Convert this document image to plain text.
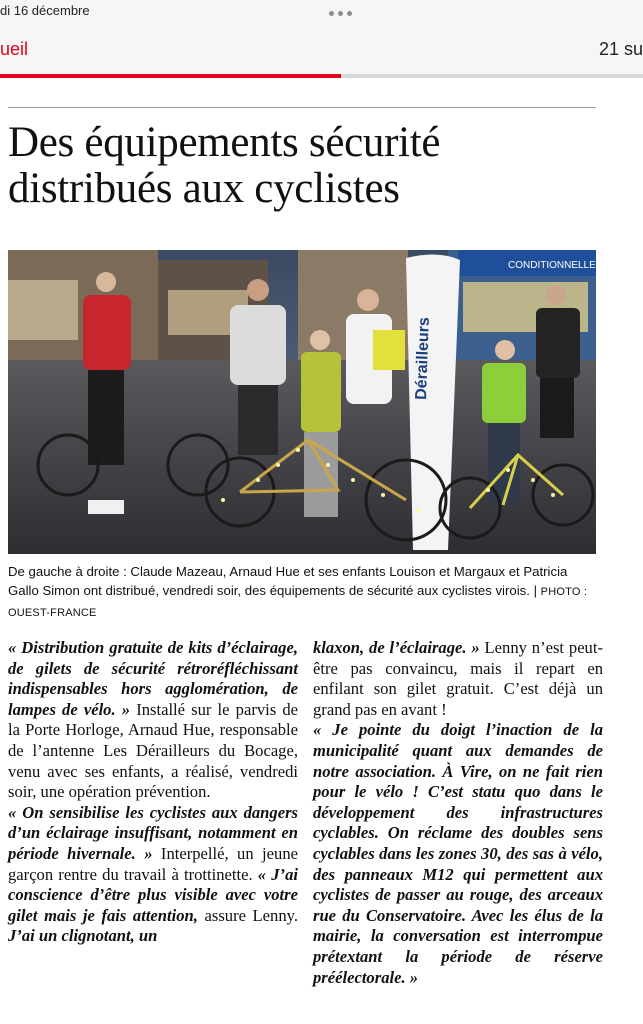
di 16 décembre
ueil	21 su
Des équipements sécurité
distribués aux cyclistes
CONDITIONNELLE
Dérailleurs
De gauche à droite : Claude Mazeau, Arnaud Hue et ses enfants Louison et Margaux et Patricia Gallo Simon ont distribué, vendredi soir, des équipements de sécurité aux cyclistes virois. | PHOTO : OUEST-FRANCE

« Distribution gratuite de kits d’éclairage, de gilets de sécurité rétroréfléchissant indispensables hors agglomération, de lampes de vélo. » Installé sur le parvis de la Porte Horloge, Arnaud Hue, responsable de l’antenne Les Dérailleurs du Bocage, venu avec ses enfants, a réalisé, vendredi soir, une opération prévention.

« On sensibilise les cyclistes aux dangers d’un éclairage insuffisant, notamment en période hivernale. » Interpellé, un jeune garçon rentre du travail à trottinette. « J’ai conscience d’être plus visible avec votre gilet mais je fais attention, assure Lenny. J’ai un clignotant, un

klaxon, de l’éclairage. » Lenny n’est peut-être pas convaincu, mais il repart en enfilant son gilet gratuit. C’est déjà un grand pas en avant !

« Je pointe du doigt l’inaction de la municipalité quant aux demandes de notre association. À Vire, on ne fait rien pour le vélo ! C’est statu quo dans le développement des infrastructures cyclables. On réclame des doubles sens cyclables dans les zones 30, des sas à vélo, des panneaux M12 qui permettent aux cyclistes de passer au rouge, des arceaux rue du Conservatoire. Avec les élus de la mairie, la conversation est interrompue prétextant la période de réserve préélectorale. »
